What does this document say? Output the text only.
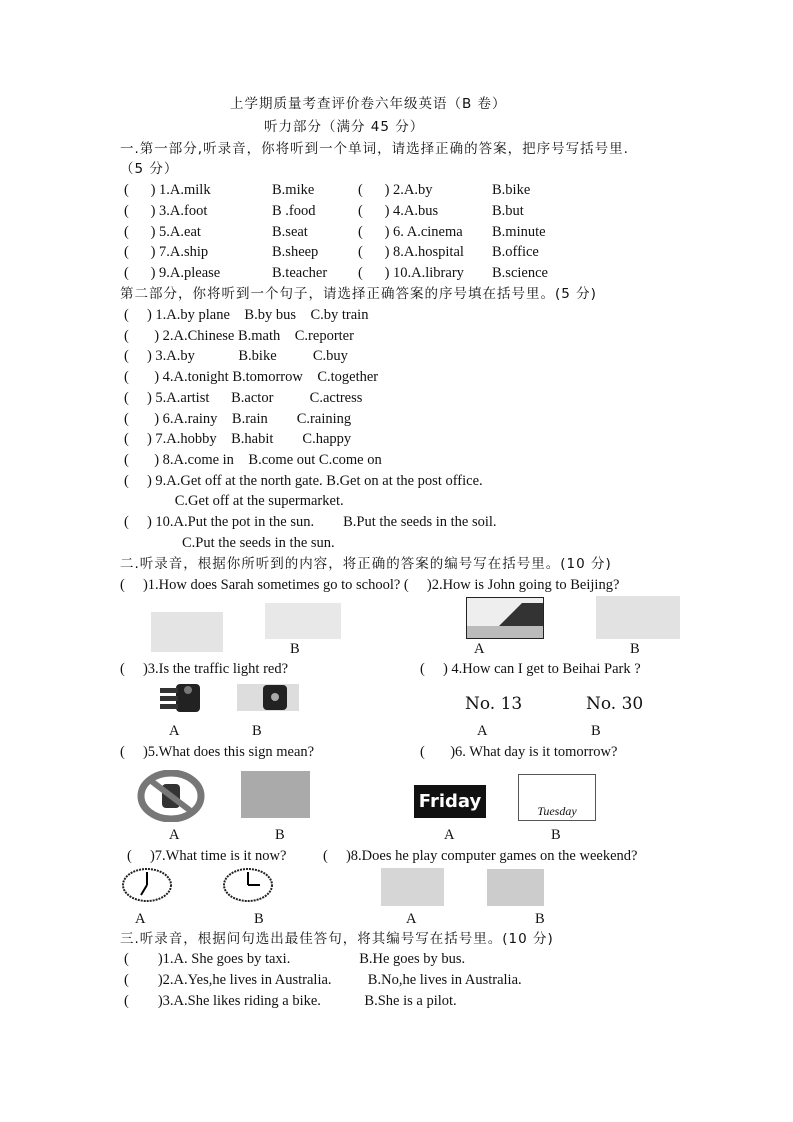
上学期质量考查评价卷六年级英语（B 卷）
听力部分（满分 45 分）
一.第一部分,听录音，你将听到一个单词，请选择正确的答案，把序号写括号里.
（5 分）
第二部分，你将听到一个句子，请选择正确答案的序号填在括号里。(5 分)
二.听录音，根据你所听到的内容，将正确的答案的编号写在括号里。(10 分)
(     )1.How does Sarah sometimes go to school? (     )2.How is John going to Beijing?
B	A	B
(     )3.Is the traffic light red?	(     ) 4.How can I get to Beihai Park ?
No. 13	No. 30
A	B	A	B
(     )5.What does this sign mean?	(       )6. What day is it tomorrow?
Friday	Tuesday
A	B	A	B
(     )7.What time is it now?	(     )8.Does he play computer games on the weekend?
A	B	A	B
三.听录音，根据问句选出最佳答句，将其编号写在括号里。(10 分)
(      ) 1.A.milk	B.mike	(      ) 2.A.by	B.bike
(      ) 3.A.foot	B .food	(      ) 4.A.bus	B.but
(      ) 5.A.eat	B.seat	(      ) 6. A.cinema B.minute
(      ) 7.A.ship	B.sheep	(      ) 8.A.hospital B.office
(      ) 9.A.please	B.teacher (      ) 10.A.library B.science
(     ) 1.A.by plane    B.by bus    C.by train
(       ) 2.A.Chinese B.math    C.reporter
(     ) 3.A.by            B.bike          C.buy
(       ) 4.A.tonight B.tomorrow    C.together
(     ) 5.A.artist      B.actor          C.actress
(       ) 6.A.rainy    B.rain        C.raining
(     ) 7.A.hobby    B.habit        C.happy
(       ) 8.A.come in    B.come out C.come on
(     ) 9.A.Get off at the north gate. B.Get on at the post office.
C.Get off at the supermarket.
(     ) 10.A.Put the pot in the sun.        B.Put the seeds in the soil.
C.Put the seeds in the sun.
(        )1.A. She goes by taxi.                   B.He goes by bus.
(        )2.A.Yes,he lives in Australia.          B.No,he lives in Australia.
(        )3.A.She likes riding a bike.            B.She is a pilot.
